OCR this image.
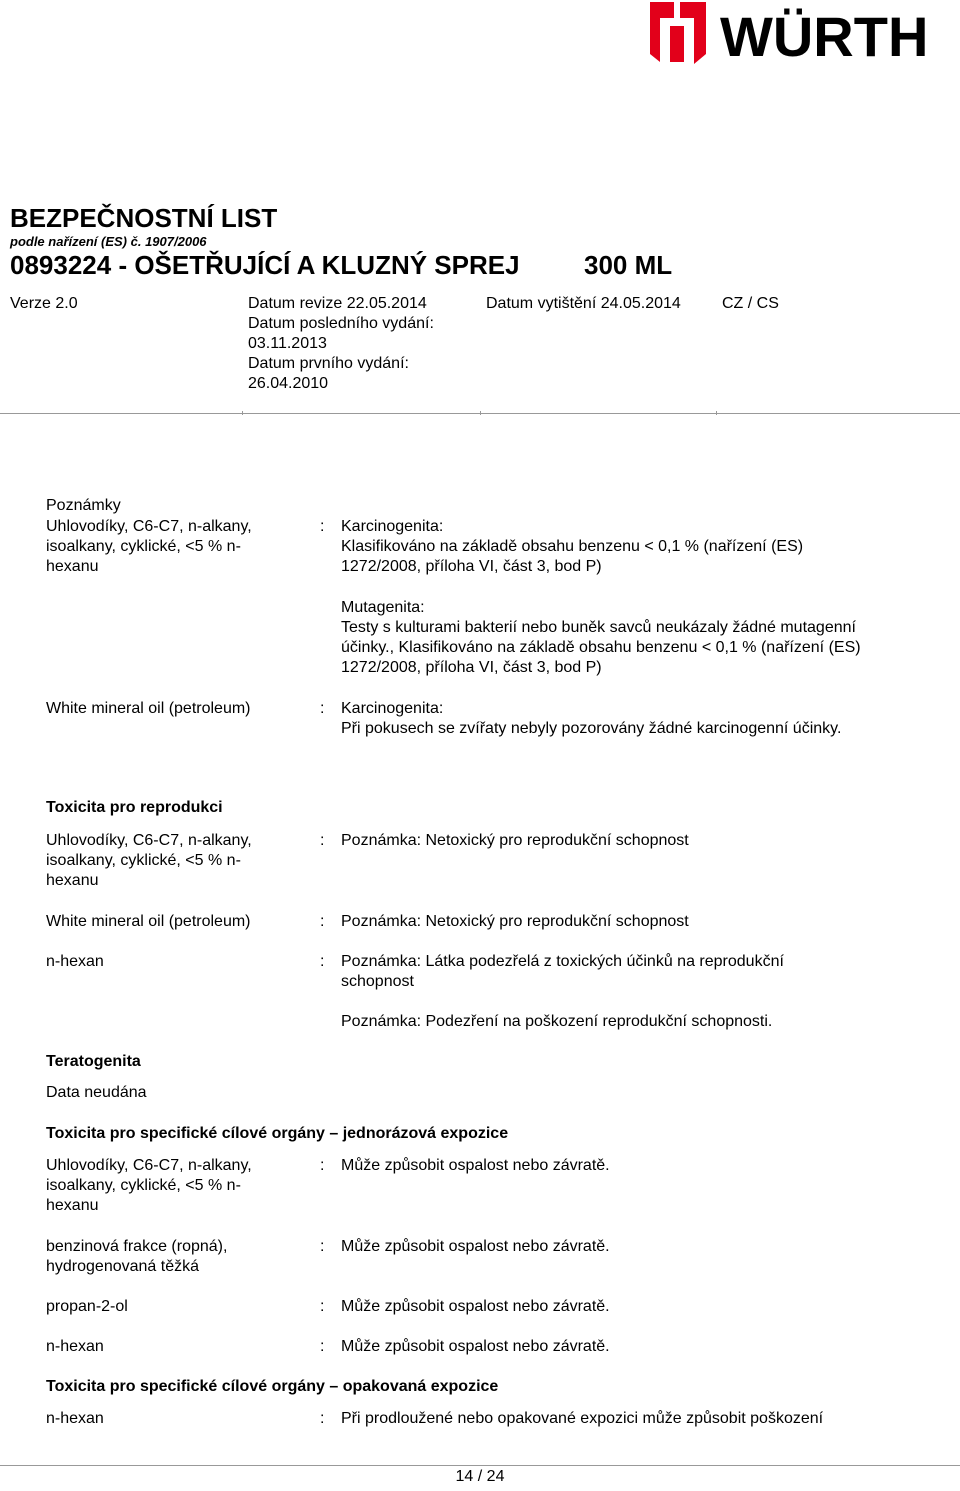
WÜRTH
BEZPEČNOSTNÍ LIST
podle nařízení (ES) č. 1907/2006
0893224 - OŠETŘUJÍCÍ A KLUZNÝ SPREJ 300 ML
Verze 2.0	Datum revize 22.05.2014
Datum posledního vydání:
03.11.2013
Datum prvního vydání:
26.04.2010
Datum vytištění 24.05.2014	CZ / CS
Poznámky
Uhlovodíky, C6-C7, n-alkany, isoalkany, cyklické, <5 % n-hexanu
: Karcinogenita:
Klasifikováno na základě obsahu benzenu < 0,1 % (nařízení (ES) 1272/2008, příloha VI, část 3, bod P)
Mutagenita:
Testy s kulturami bakterií nebo buněk savců neukázaly žádné mutagenní účinky., Klasifikováno na základě obsahu benzenu < 0,1 % (nařízení (ES) 1272/2008, příloha VI, část 3, bod P)
White mineral oil (petroleum)	: Karcinogenita:
Při pokusech se zvířaty nebyly pozorovány žádné karcinogenní účinky.
Toxicita pro reprodukci
Uhlovodíky, C6-C7, n-alkany, isoalkany, cyklické, <5 % n-hexanu
: Poznámka: Netoxický pro reprodukční schopnost
White mineral oil (petroleum)	: Poznámka: Netoxický pro reprodukční schopnost
n-hexan	: Poznámka: Látka podezřelá z toxických účinků na reprodukční schopnost
Poznámka: Podezření na poškození reprodukční schopnosti.
Teratogenita
Data neudána
Toxicita pro specifické cílové orgány – jednorázová expozice
Uhlovodíky, C6-C7, n-alkany, isoalkany, cyklické, <5 % n-hexanu
: Může způsobit ospalost nebo závratě.
benzinová frakce (ropná), hydrogenovaná těžká
: Může způsobit ospalost nebo závratě.
propan-2-ol	: Může způsobit ospalost nebo závratě.
n-hexan	: Může způsobit ospalost nebo závratě.
Toxicita pro specifické cílové orgány – opakovaná expozice
n-hexan	: Při prodloužené nebo opakované expozici může způsobit poškození
14 / 24
